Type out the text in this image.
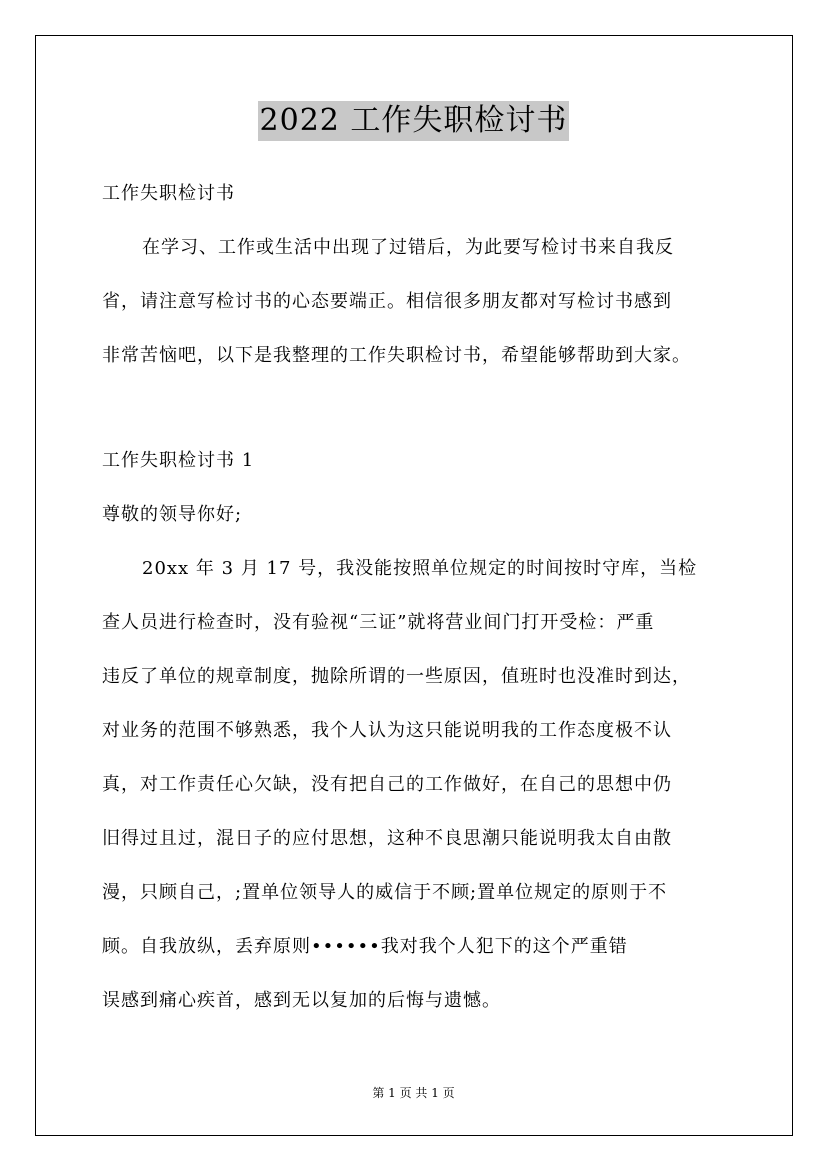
2022 工作失职检讨书
工作失职检讨书
在学习、工作或生活中出现了过错后，为此要写检讨书来自我反
省，请注意写检讨书的心态要端正。相信很多朋友都对写检讨书感到
非常苦恼吧，以下是我整理的工作失职检讨书，希望能够帮助到大家。
工作失职检讨书 1
尊敬的领导你好;
20xx 年 3 月 17 号，我没能按照单位规定的时间按时守库，当检
查人员进行检查时，没有验视“三证”就将营业间门打开受检：严重
违反了单位的规章制度，抛除所谓的一些原因，值班时也没准时到达，
对业务的范围不够熟悉，我个人认为这只能说明我的工作态度极不认
真，对工作责任心欠缺，没有把自己的工作做好，在自己的思想中仍
旧得过且过，混日子的应付思想，这种不良思潮只能说明我太自由散
漫，只顾自己，;置单位领导人的威信于不顾;置单位规定的原则于不
顾。自我放纵，丢弃原则••••••我对我个人犯下的这个严重错
误感到痛心疾首，感到无以复加的后悔与遗憾。
第 1 页 共 1 页
